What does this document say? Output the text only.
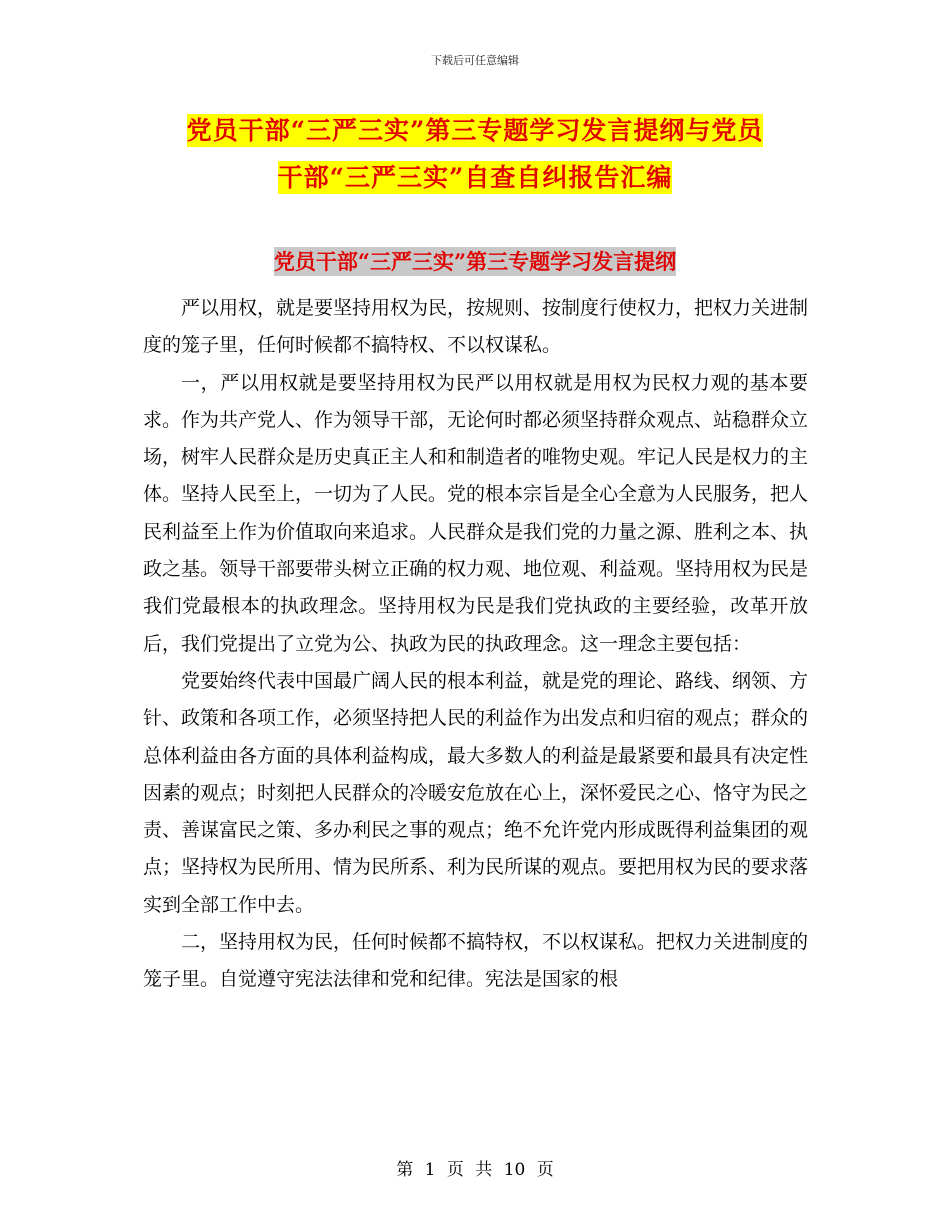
下载后可任意编辑
党员干部“三严三实”第三专题学习发言提纲与党员
干部“三严三实”自查自纠报告汇编
党员干部“三严三实”第三专题学习发言提纲

严以用权，就是要坚持用权为民，按规则、按制度行使权力，把权力关进制度的笼子里，任何时候都不搞特权、不以权谋私。

一，严以用权就是要坚持用权为民严以用权就是用权为民权力观的基本要求。作为共产党人、作为领导干部，无论何时都必须坚持群众观点、站稳群众立场，树牢人民群众是历史真正主人和和制造者的唯物史观。牢记人民是权力的主体。坚持人民至上，一切为了人民。党的根本宗旨是全心全意为人民服务，把人民利益至上作为价值取向来追求。人民群众是我们党的力量之源、胜利之本、执政之基。领导干部要带头树立正确的权力观、地位观、利益观。坚持用权为民是我们党最根本的执政理念。坚持用权为民是我们党执政的主要经验，改革开放后，我们党提出了立党为公、执政为民的执政理念。这一理念主要包括：

党要始终代表中国最广阔人民的根本利益，就是党的理论、路线、纲领、方针、政策和各项工作，必须坚持把人民的利益作为出发点和归宿的观点；群众的总体利益由各方面的具体利益构成，最大多数人的利益是最紧要和最具有决定性因素的观点；时刻把人民群众的冷暖安危放在心上，深怀爱民之心、恪守为民之责、善谋富民之策、多办利民之事的观点；绝不允许党内形成既得利益集团的观点；坚持权为民所用、情为民所系、利为民所谋的观点。要把用权为民的要求落实到全部工作中去。

二，坚持用权为民，任何时候都不搞特权，不以权谋私。把权力关进制度的笼子里。自觉遵守宪法法律和党和纪律。宪法是国家的根

第 1 页 共 10 页
